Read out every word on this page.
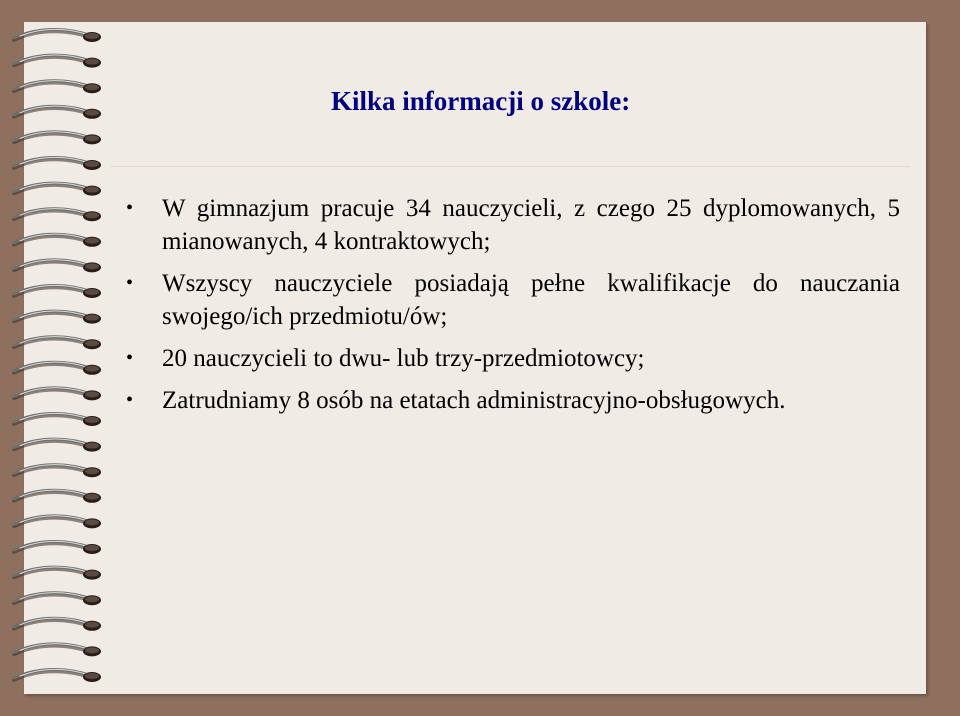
Kilka informacji o szkole:
• W gimnazjum pracuje 34 nauczycieli, z czego 25 dyplomowanych, 5 mianowanych, 4 kontraktowych;
• Wszyscy nauczyciele posiadają pełne kwalifikacje do nauczania swojego/ich przedmiotu/ów;
• 20 nauczycieli to dwu- lub trzy-przedmiotowcy;
• Zatrudniamy 8 osób na etatach administracyjno-obsługowych.
